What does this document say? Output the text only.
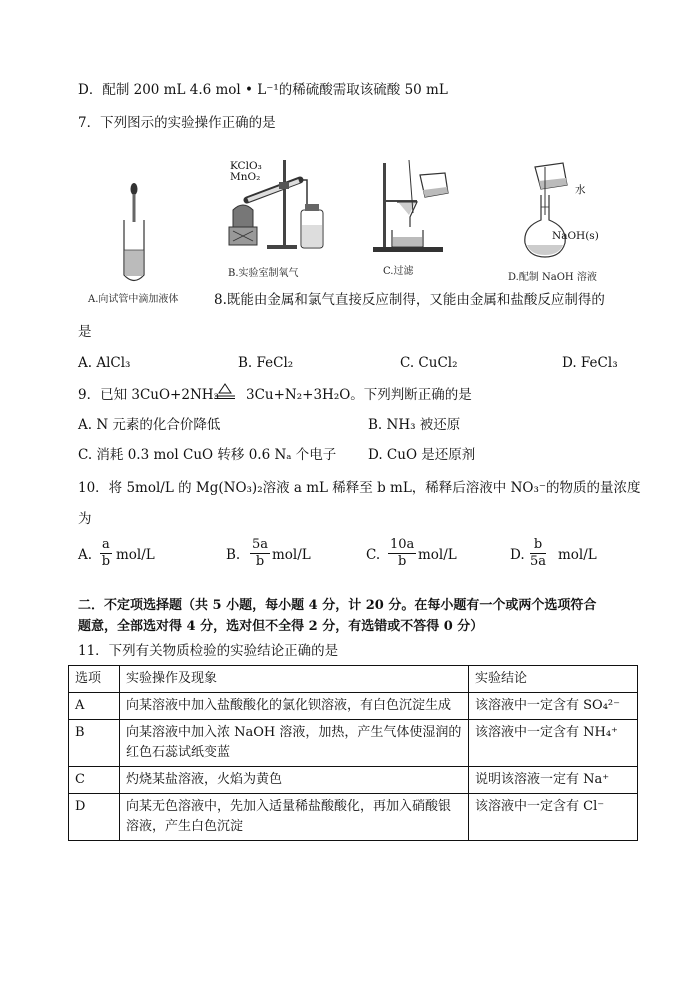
D．配制 200 mL 4.6 mol • L⁻¹的稀硫酸需取该硫酸 50 mL
7．下列图示的实验操作正确的是
A.向试管中滴加液体
KClO₃
MnO₂
B.实验室制氧气	C.过滤
水
NaOH(s)
D.配制 NaOH 溶液
8.既能由金属和氯气直接反应制得，又能由金属和盐酸反应制得的
是
A. AlCl₃	B. FeCl₂	C. CuCl₂	D. FeCl₃
9．已知 3CuO+2NH₃ 3Cu+N₂+3H₂O。下列判断正确的是
A. N 元素的化合价降低	B. NH₃ 被还原
C. 消耗 0.3 mol CuO 转移 0.6 Nₐ 个电子 D. CuO 是还原剂
10．将 5mol/L 的 Mg(NO₃)₂溶液 a mL 稀释至 b mL，稀释后溶液中 NO₃⁻的物质的量浓度
为
A. $\frac{a}{b} mol/L$	B. $\frac{5a}{b} mol/L$	C. $\frac{10a}{b} mol/L$	D. $\frac{b}{5a} mol/L$
二．不定项选择题（共 5 小题，每小题 4 分，计 20 分。在每小题有一个或两个选项符合
题意，全部选对得 4 分，选对但不全得 2 分，有选错或不答得 0 分）
11．下列有关物质检验的实验结论正确的是
选项	实验操作及现象	实验结论
A	向某溶液中加入盐酸酸化的氯化钡溶液，有白色沉淀生成	该溶液中一定含有 SO₄²⁻
B	向某溶液中加入浓 NaOH 溶液，加热，产生气体使湿润的红色石蕊试纸变蓝	该溶液中一定含有 NH₄⁺
C	灼烧某盐溶液，火焰为黄色	说明该溶液一定有 Na⁺
D	向某无色溶液中，先加入适量稀盐酸酸化，再加入硝酸银溶液，产生白色沉淀	该溶液中一定含有 Cl⁻
